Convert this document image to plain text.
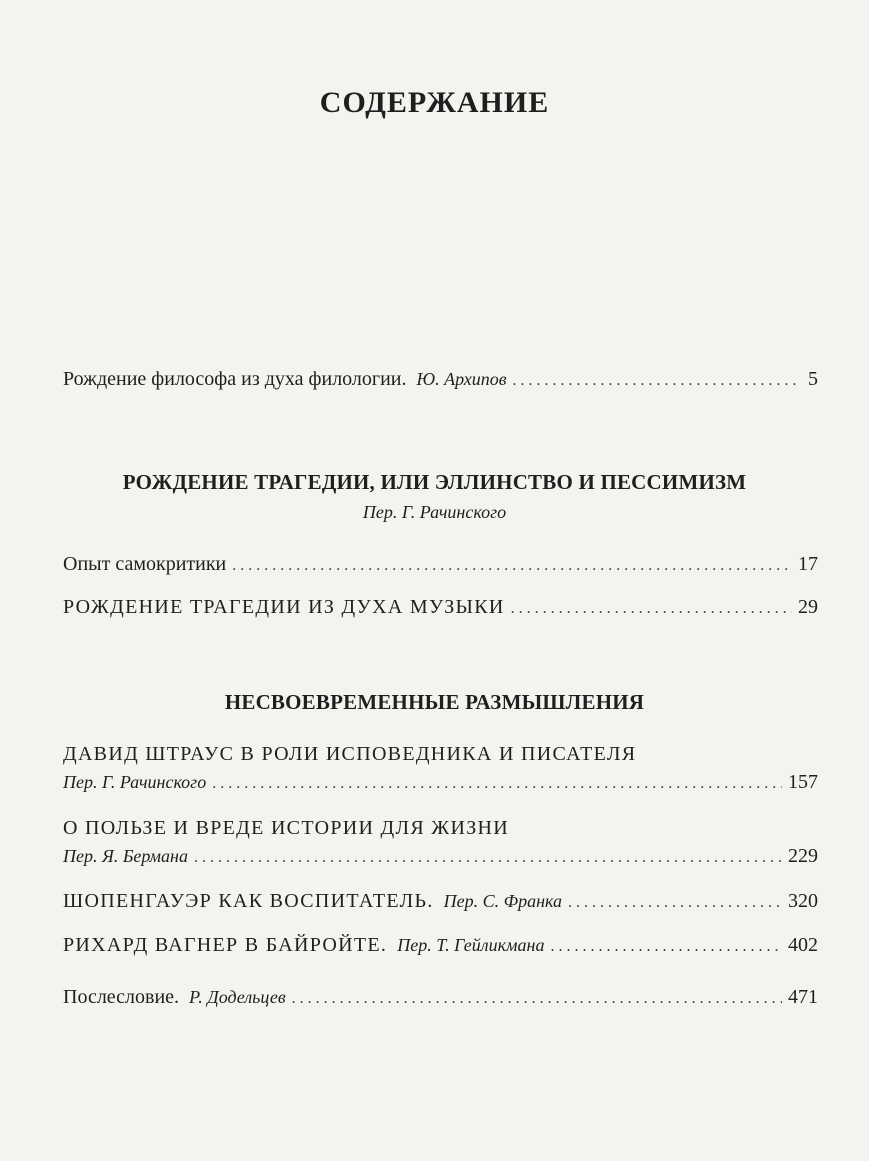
СОДЕРЖАНИЕ
Рождение философа из духа филологии. Ю. Архипов . . .	5
РОЖДЕНИЕ ТРАГЕДИИ, ИЛИ ЭЛЛИНСТВО И ПЕССИМИЗМ
Пер. Г. Рачинского
Опыт самокритики . . .	17
РОЖДЕНИЕ ТРАГЕДИИ ИЗ ДУХА МУЗЫКИ . . .	29
НЕСВОЕВРЕМЕННЫЕ РАЗМЫШЛЕНИЯ
ДАВИД ШТРАУС В РОЛИ ИСПОВЕДНИКА И ПИСАТЕЛЯ
Пер. Г. Рачинского . . .	157
О ПОЛЬЗЕ И ВРЕДЕ ИСТОРИИ ДЛЯ ЖИЗНИ
Пер. Я. Бермана . . .	229
ШОПЕНГАУЭР КАК ВОСПИТАТЕЛЬ. Пер. С. Франка . . .	320
РИХАРД ВАГНЕР В БАЙРОЙТЕ. Пер. Т. Гейликмана . . .	402
Послесловие. Р. Додельцев . . .	471
